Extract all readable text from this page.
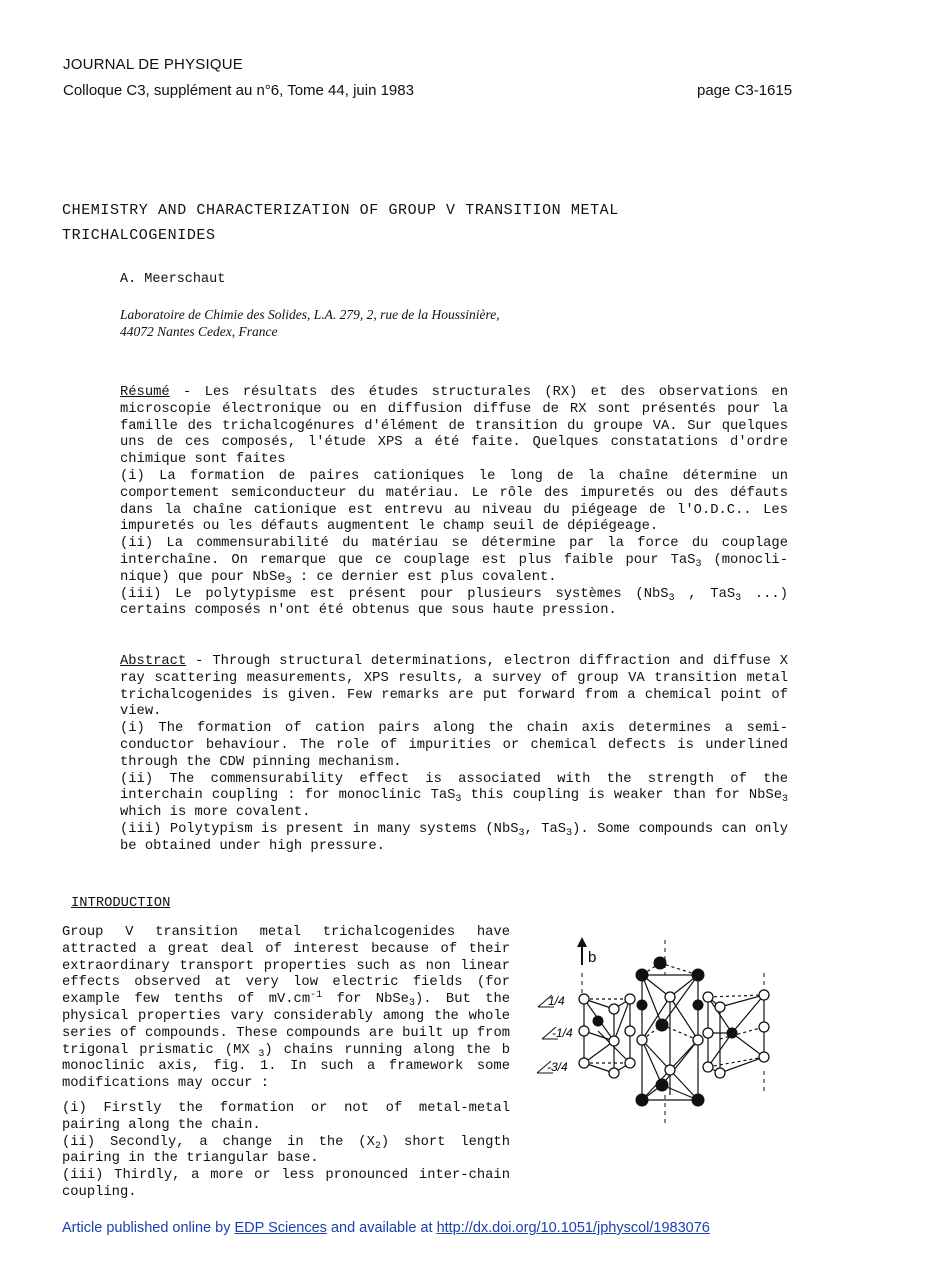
JOURNAL DE PHYSIQUE
Colloque C3, supplément au n°6, Tome 44, juin 1983	page C3-1615
CHEMISTRY AND CHARACTERIZATION OF GROUP V TRANSITION METAL
TRICHALCOGENIDES
A. Meerschaut
Laboratoire de Chimie des Solides, L.A. 279, 2, rue de la Houssinière,
44072 Nantes Cedex, France

Résumé - Les résultats des études structurales (RX) et des observations en microscopie électronique ou en diffusion diffuse de RX sont présentés pour la famille des trichalcogénures d'élément de transition du groupe VA. Sur quelques uns de ces composés, l'étude XPS a été faite. Quelques constatations d'ordre chimique sont faites

(i) La formation de paires cationiques le long de la chaîne détermine un comportement semiconducteur du matériau. Le rôle des impuretés ou des défauts dans la chaîne cationique est entrevu au niveau du piégeage de l'O.D.C.. Les impuretés ou les défauts augmentent le champ seuil de dépiégeage.

(ii) La commensurabilité du matériau se détermine par la force du couplage interchaîne. On remarque que ce couplage est plus faible pour TaS$_3$ (monocli-nique) que pour NbSe$_3$ : ce dernier est plus covalent.

(iii) Le polytypisme est présent pour plusieurs systèmes (NbS$_3$ , TaS$_3$ ...) certains composés n'ont été obtenus que sous haute pression.

Abstract - Through structural determinations, electron diffraction and diffuse X ray scattering measurements, XPS results, a survey of group VA transition metal trichalcogenides is given. Few remarks are put forward from a chemical point of view.

(i) The formation of cation pairs along the chain axis determines a semi-conductor behaviour. The role of impurities or chemical defects is underlined through the CDW pinning mechanism.

(ii) The commensurability effect is associated with the strength of the interchain coupling : for monoclinic TaS$_3$ this coupling is weaker than for NbSe$_3$ which is more covalent.

(iii) Polytypism is present in many systems (NbS$_3$, TaS$_3$). Some compounds can only be obtained under high pressure.

INTRODUCTION

Group V transition metal trichalcogenides have attracted a great deal of interest because of their extraordinary transport properties such as non linear effects observed at very low electric fields (for example few tenths of $mV.cm^{-1}$ for NbSe$_3$). But the physical properties vary considerably among the whole series of compounds. These compounds are built up from trigonal prismatic (MX $_3$) chains running along the b monoclinic axis, fig. 1. In such a framework some modifications may occur :

(i) Firstly the formation or not of metal-metal pairing along the chain.

(ii) Secondly, a change in the $(X_2)$ short length pairing in the triangular base.

(iii) Thirdly, a more or less pronounced inter-chain coupling.

b
1/4
-1/4
-3/4
Article published online by EDP Sciences and available at http://dx.doi.org/10.1051/jphyscol/1983076
